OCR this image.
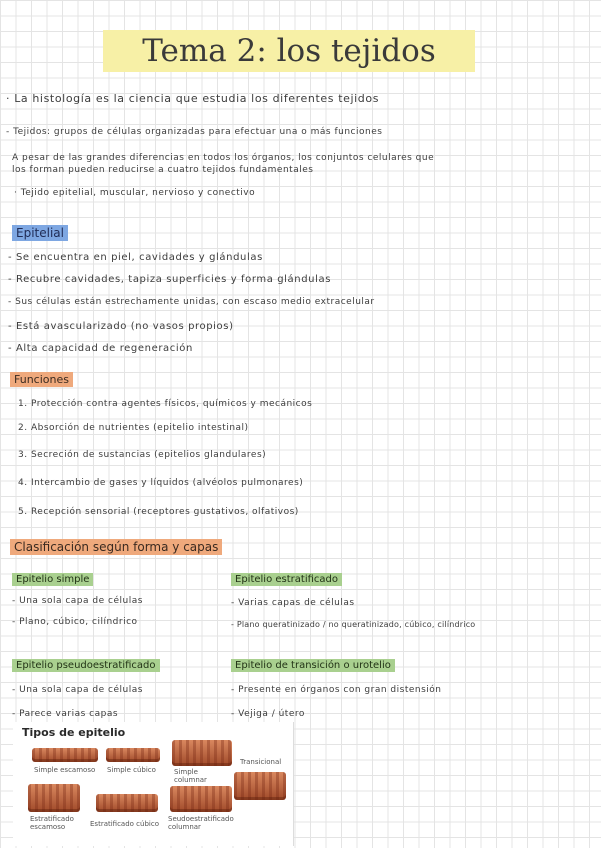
Tema 2: los tejidos
· La histología es la ciencia que estudia los diferentes tejidos
- Tejidos: grupos de células organizadas para efectuar una o más funciones
A pesar de las grandes diferencias en todos los órganos, los conjuntos celulares que
los forman pueden reducirse a cuatro tejidos fundamentales
· Tejido epitelial, muscular, nervioso y conectivo
Epitelial
- Se encuentra en piel, cavidades y glándulas
- Recubre cavidades, tapiza superficies y forma glándulas
- Sus células están estrechamente unidas, con escaso medio extracelular
- Está avascularizado (no vasos propios)
- Alta capacidad de regeneración
Funciones
1. Protección contra agentes físicos, químicos y mecánicos
2. Absorción de nutrientes (epitelio intestinal)
3. Secreción de sustancias (epitelios glandulares)
4. Intercambio de gases y líquidos (alvéolos pulmonares)
5. Recepción sensorial (receptores gustativos, olfativos)
Clasificación según forma y capas
Epitelio simple
- Una sola capa de células
- Plano, cúbico, cilíndrico
Epitelio estratificado
- Varias capas de células
- Plano queratinizado / no queratinizado, cúbico, cilíndrico
Epitelio pseudoestratificado
- Una sola capa de células
- Parece varias capas
Epitelio de transición o urotelio
- Presente en órganos con gran distensión
- Vejiga / útero
Tipos de epitelio
Simple escamoso Simple cúbico	Simple
columnar
Transicional
Estratificado
escamoso	Estratificado cúbico
Seudoestratificado
columnar
